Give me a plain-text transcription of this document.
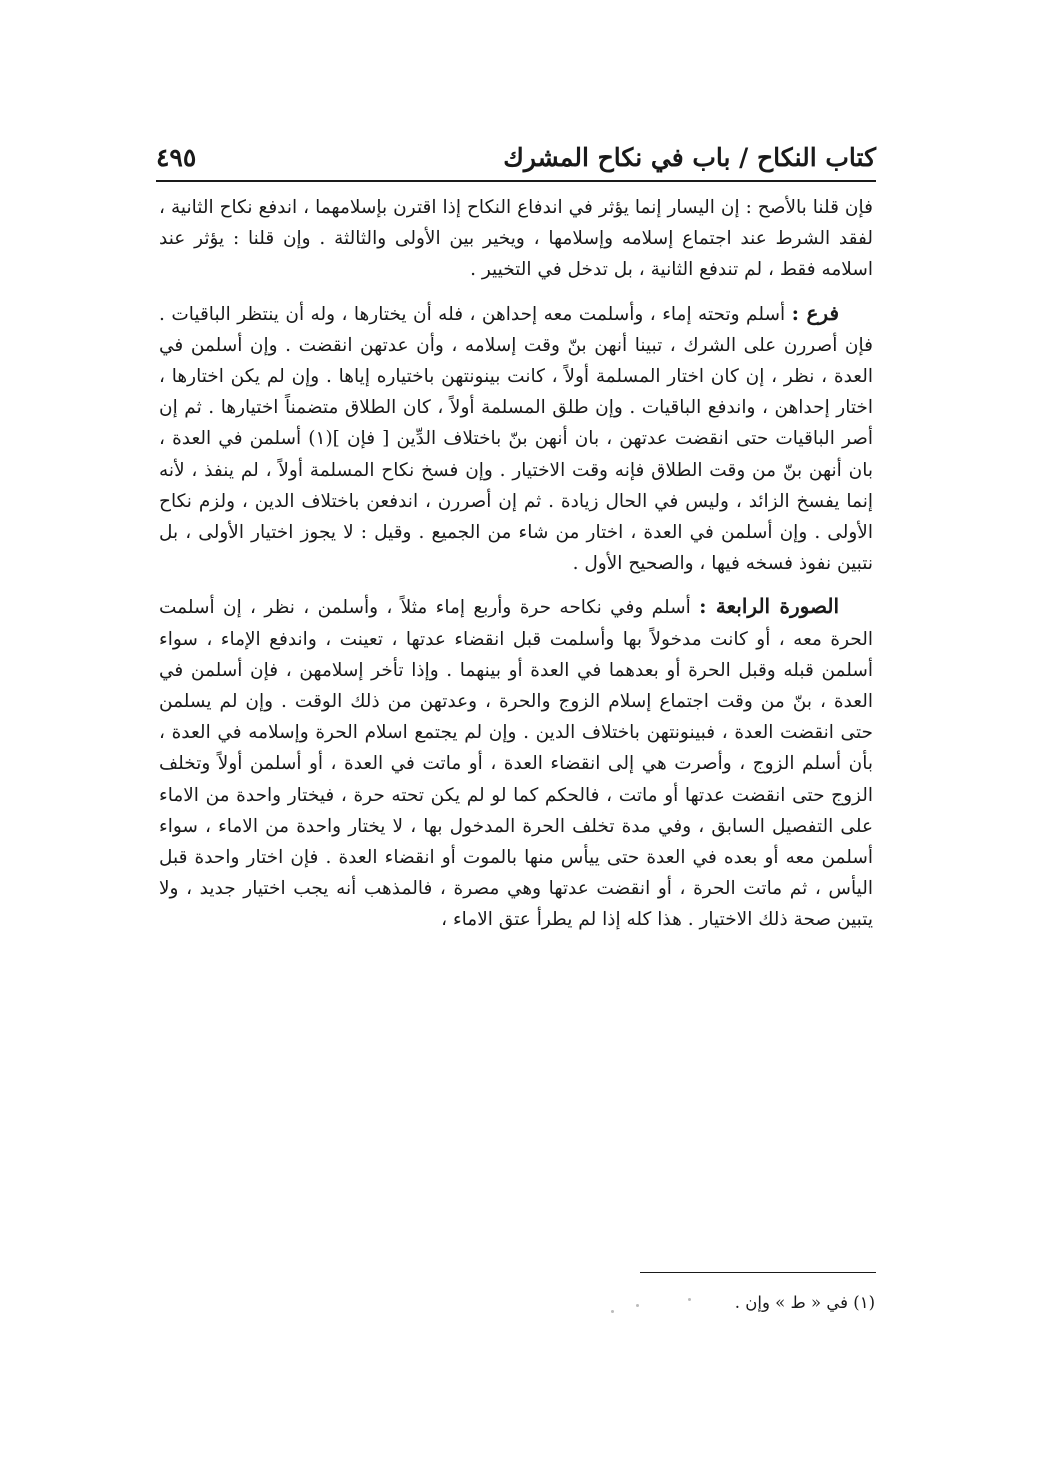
كتاب النكاح / باب في نكاح المشرك
٤٩٥

فإن قلنا بالأصح : إن اليسار إنما يؤثر في اندفاع النكاح إذا اقترن بإسلامهما ، اندفع نكاح الثانية ، لفقد الشرط عند اجتماع إسلامه وإسلامها ، ويخير بين الأولى والثالثة . وإن قلنا : يؤثر عند اسلامه فقط ، لم تندفع الثانية ، بل تدخل في التخيير .

فرع : أسلم وتحته إماء ، وأسلمت معه إحداهن ، فله أن يختارها ، وله أن ينتظر الباقيات . فإن أصررن على الشرك ، تبينا أنهن بنّ وقت إسلامه ، وأن عدتهن انقضت . وإن أسلمن في العدة ، نظر ، إن كان اختار المسلمة أولاً ، كانت بينونتهن باختياره إياها . وإن لم يكن اختارها ، اختار إحداهن ، واندفع الباقيات . وإن طلق المسلمة أولاً ، كان الطلاق متضمناً اختيارها . ثم إن أصر الباقيات حتى انقضت عدتهن ، بان أنهن بنّ باختلاف الدِّين [ فإن ](١) أسلمن في العدة ، بان أنهن بنّ من وقت الطلاق فإنه وقت الاختيار . وإن فسخ نكاح المسلمة أولاً ، لم ينفذ ، لأنه إنما يفسخ الزائد ، وليس في الحال زيادة . ثم إن أصررن ، اندفعن باختلاف الدين ، ولزم نكاح الأولى . وإن أسلمن في العدة ، اختار من شاء من الجميع . وقيل : لا يجوز اختيار الأولى ، بل نتبين نفوذ فسخه فيها ، والصحيح الأول .

الصورة الرابعة : أسلم وفي نكاحه حرة وأربع إماء مثلاً ، وأسلمن ، نظر ، إن أسلمت الحرة معه ، أو كانت مدخولاً بها وأسلمت قبل انقضاء عدتها ، تعينت ، واندفع الإماء ، سواء أسلمن قبله وقبل الحرة أو بعدهما في العدة أو بينهما . وإذا تأخر إسلامهن ، فإن أسلمن في العدة ، بنّ من وقت اجتماع إسلام الزوج والحرة ، وعدتهن من ذلك الوقت . وإن لم يسلمن حتى انقضت العدة ، فبينونتهن باختلاف الدين . وإن لم يجتمع اسلام الحرة وإسلامه في العدة ، بأن أسلم الزوج ، وأصرت هي إلى انقضاء العدة ، أو ماتت في العدة ، أو أسلمن أولاً وتخلف الزوج حتى انقضت عدتها أو ماتت ، فالحكم كما لو لم يكن تحته حرة ، فيختار واحدة من الاماء على التفصيل السابق ، وفي مدة تخلف الحرة المدخول بها ، لا يختار واحدة من الاماء ، سواء أسلمن معه أو بعده في العدة حتى ييأس منها بالموت أو انقضاء العدة . فإن اختار واحدة قبل اليأس ، ثم ماتت الحرة ، أو انقضت عدتها وهي مصرة ، فالمذهب أنه يجب اختيار جديد ، ولا يتبين صحة ذلك الاختيار . هذا كله إذا لم يطرأ عتق الاماء ،

(١) في « ط » وإن .
